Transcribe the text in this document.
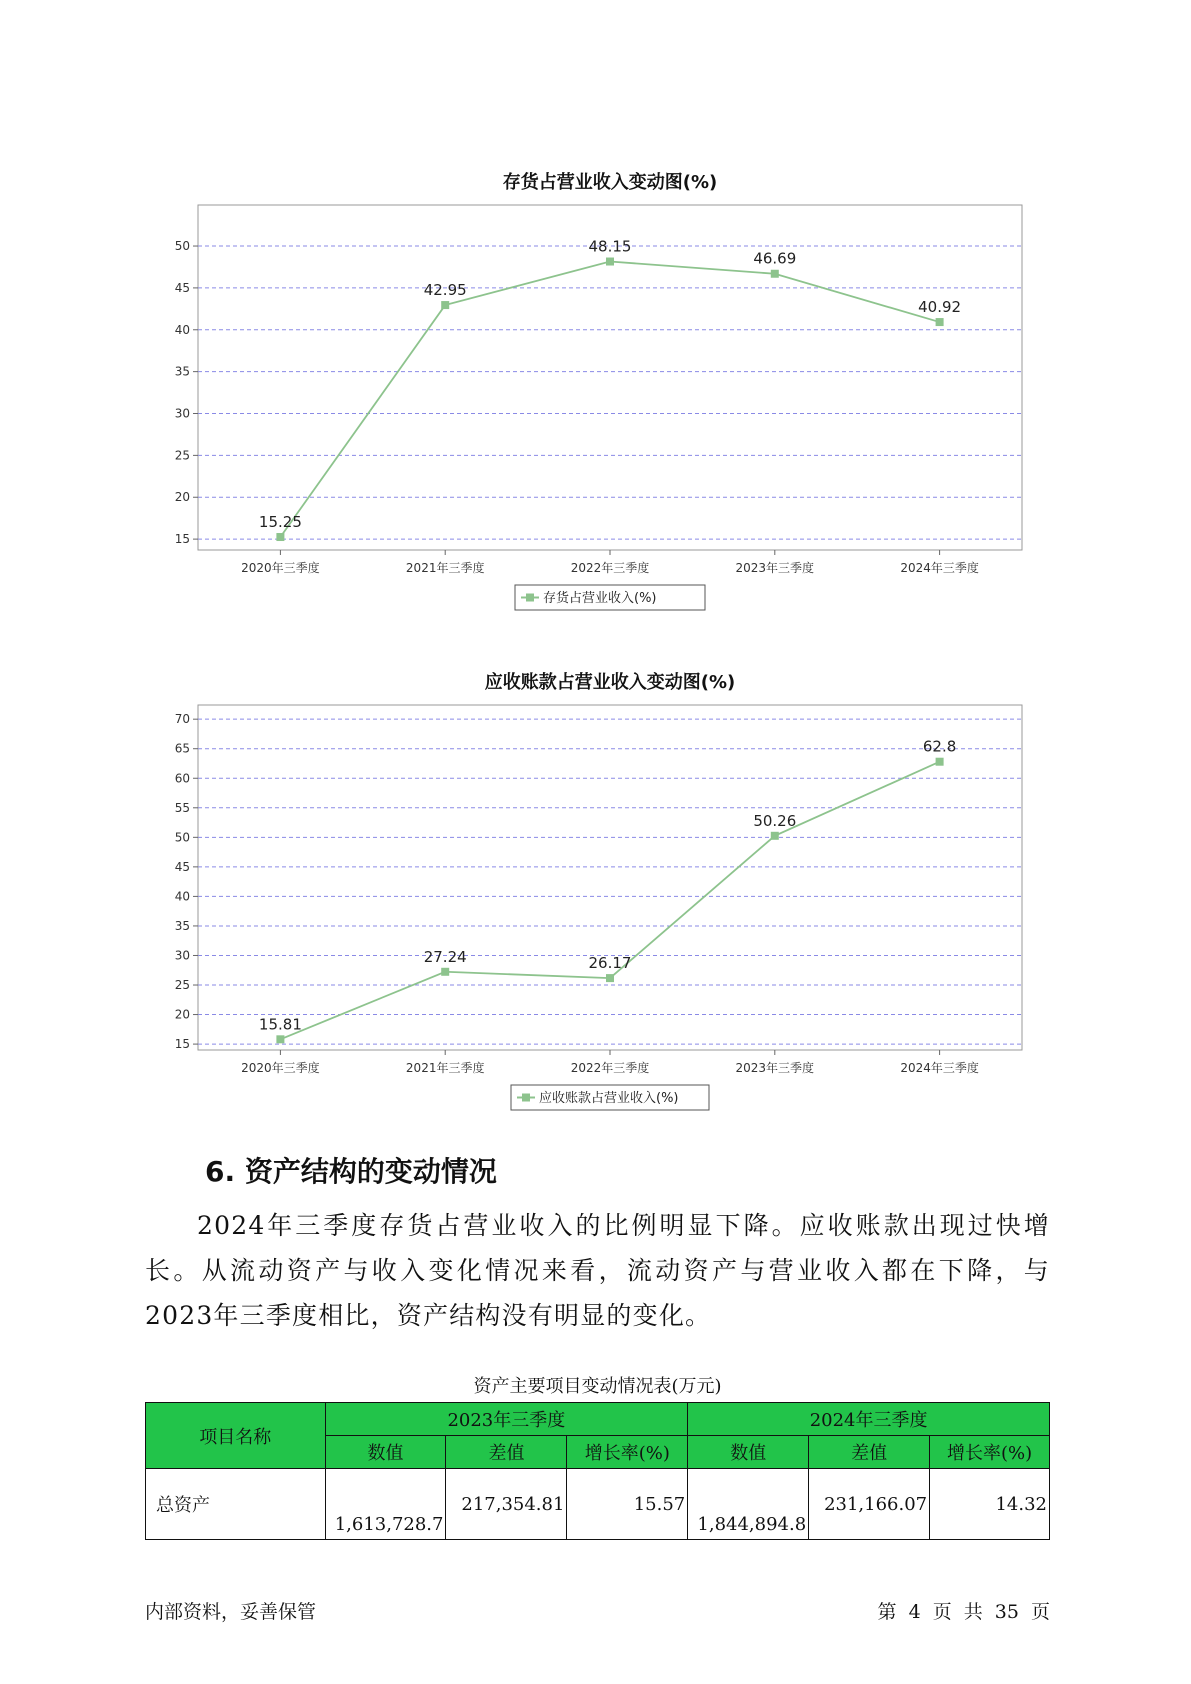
存货占营业收入变动图(%)
15
20
25
30
35
40
45
50
2020年三季度	2021年三季度	2022年三季度	2023年三季度	2024年三季度
15.25
42.95
48.15
46.69
40.92
存货占营业收入(%)
应收账款占营业收入变动图(%)
15
20
25
30
35
40
45
50
55
60
65
70
2020年三季度	2021年三季度	2022年三季度	2023年三季度	2024年三季度
15.81
27.24	26.17
50.26
62.8
应收账款占营业收入(%)
6. 资产结构的变动情况

2024年三季度存货占营业收入的比例明显下降。应收账款出现过快增长。从流动资产与收入变化情况来看，流动资产与营业收入都在下降，与2023年三季度相比，资产结构没有明显的变化。

资产主要项目变动情况表(万元)
项目名称	2023年三季度			2024年三季度		
	数值	差值	增长率(%)	数值	差值	增长率(%)
总资产	1,613,728.7	217,354.81	15.57	1,844,894.8	231,166.07	14.32
内部资料，妥善保管	第 4 页 共 35 页
